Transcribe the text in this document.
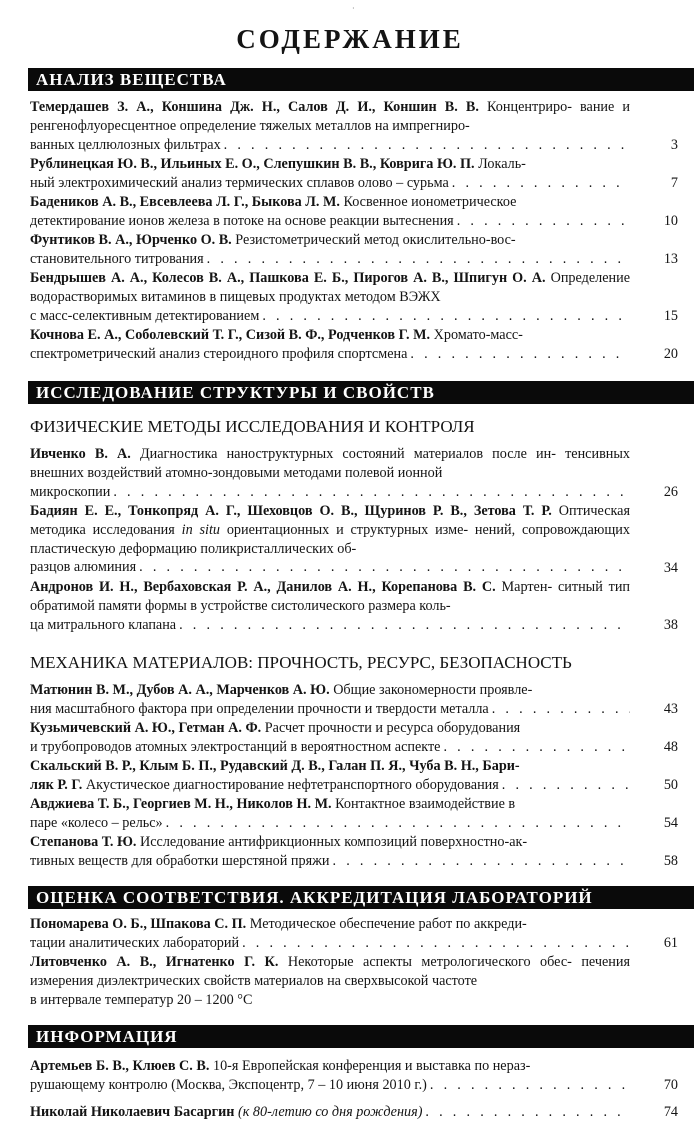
·
СОДЕРЖАНИЕ
АНАЛИЗ ВЕЩЕСТВА
Темердашев З. А., Коншина Дж. Н., Салов Д. И., Коншин В. В. Концентриро- вание и ренгенофлуоресцентное определение тяжелых металлов на импрегниро-
ванных целлюлозных фильтрах . . .	3
Рублинецкая Ю. В., Ильиных Е. О., Слепушкин В. В., Коврига Ю. П. Локаль-
ный электрохимический анализ термических сплавов олово – сурьма . . .	7
Бадеников А. В., Евсевлеева Л. Г., Быкова Л. М. Косвенное ионометрическое
детектирование ионов железа в потоке на основе реакции вытеснения . . .	10
Фунтиков В. А., Юрченко О. В. Резистометрический метод окислительно-вос-
становительного титрования . . .	13
Бендрышев А. А., Колесов В. А., Пашкова Е. Б., Пирогов А. В., Шпигун О. А. Определение водорастворимых витаминов в пищевых продуктах методом ВЭЖХ
с масс-селективным детектированием . . .	15
Кочнова Е. А., Соболевский Т. Г., Сизой В. Ф., Родченков Г. М. Хромато-масс-
спектрометрический анализ стероидного профиля спортсмена . . .	20
ИССЛЕДОВАНИЕ СТРУКТУРЫ И СВОЙСТВ
ФИЗИЧЕСКИЕ МЕТОДЫ ИССЛЕДОВАНИЯ И КОНТРОЛЯ
Ивченко В. А. Диагностика наноструктурных состояний материалов после ин- тенсивных внешних воздействий атомно-зондовыми методами полевой ионной
микроскопии . . .	26
Бадиян Е. Е., Тонкопряд А. Г., Шеховцов О. В., Щуринов Р. В., Зетова Т. Р. Оптическая методика исследования in situ ориентационных и структурных изме- нений, сопровождающих пластическую деформацию поликристаллических об-
разцов алюминия . . .	34
Андронов И. Н., Вербаховская Р. А., Данилов А. Н., Корепанова В. С. Мартен- ситный тип обратимой памяти формы в устройстве систолического размера коль-
ца митрального клапана . . .	38
МЕХАНИКА МАТЕРИАЛОВ: ПРОЧНОСТЬ, РЕСУРС, БЕЗОПАСНОСТЬ
Матюнин В. М., Дубов А. А., Марченков А. Ю. Общие закономерности проявле-
ния масштабного фактора при определении прочности и твердости металла . . .	43
Кузьмичевский А. Ю., Гетман А. Ф. Расчет прочности и ресурса оборудования
и трубопроводов атомных электростанций в вероятностном аспекте . . .	48
Скальский В. Р., Клым Б. П., Рудавский Д. В., Галан П. Я., Чуба В. Н., Бари-
ляк Р. Г. Акустическое диагностирование нефтетранспортного оборудования . . .	50
Авджиева Т. Б., Георгиев М. Н., Николов Н. М. Контактное взаимодействие в
паре «колесо – рельс» . . .	54
Степанова Т. Ю. Исследование антифрикционных композиций поверхностно-ак-
тивных веществ для обработки шерстяной пряжи . . .	58
ОЦЕНКА СООТВЕТСТВИЯ. АККРЕДИТАЦИЯ ЛАБОРАТОРИЙ
Пономарева О. Б., Шпакова С. П. Методическое обеспечение работ по аккреди-
тации аналитических лабораторий . . .	61
Литовченко А. В., Игнатенко Г. К. Некоторые аспекты метрологического обес- печения измерения диэлектрических свойств материалов на сверхвысокой частоте
в интервале температур 20 – 1200 °С
ИНФОРМАЦИЯ
Артемьев Б. В., Клюев С. В. 10-я Европейская конференция и выставка по нераз-
рушающему контролю (Москва, Экспоцентр, 7 – 10 июня 2010 г.) . . .	70
Николай Николаевич Басаргин (к 80-летию со дня рождения) . . .	74
